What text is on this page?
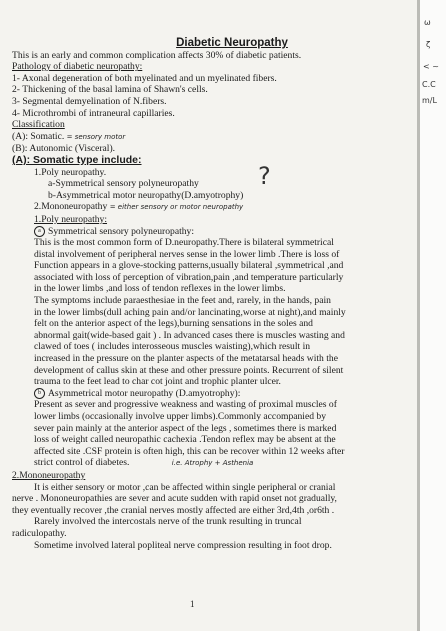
Diabetic Neuropathy
This is an early and common complication affects 30% of diabetic patients.
Pathology of diabetic neuropathy:
1- Axonal degeneration of both myelinated and un myelinated fibers.
2- Thickening of the basal lamina of Shawn's cells.
3- Segmental demyelination of N.fibers.
4- Microthrombi of intraneural capillaries.
Classification
(A): Somatic. = sensory motor
(B): Autonomic (Visceral).
(A): Somatic type include:
1.Poly neuropathy.
a-Symmetrical sensory polyneuropathy
b-Asymmetrical motor neuropathy(D.amyotrophy)
2.Mononeuropathy = either sensory or motor neuropathy
1.Poly neuropathy:
a Symmetrical sensory polyneuropathy:
This is the most common form of D.neuropathy.There is bilateral symmetrical
distal involvement of peripheral nerves sense in the lower limb .There is loss of
Function appears in a glove-stocking patterns,usually bilateral ,symmetrical ,and
associated with loss of perception of vibration,pain ,and temperature particularly
in the lower limbs ,and loss of tendon reflexes in the lower limbs.
The symptoms include paraesthesiae in the feet and, rarely, in the hands, pain
in the lower limbs(dull aching pain and/or lancinating,worse at night),and mainly
felt on the anterior aspect of the legs),burning sensations in the soles and
abnormal gait(wide-based gait ) . In advanced cases there is muscles wasting and
clawed of toes ( includes interosseous muscles waisting),which result in
increased in the pressure on the planter aspects of the metatarsal heads with the
development of callus skin at these and other pressure points. Recurrent of silent
trauma to the feet lead to char cot joint and trophic planter ulcer.
b Asymmetrical motor neuropathy (D.amyotrophy):
Present as sever and progressive weakness and wasting of proximal muscles of
lower limbs (occasionally involve upper limbs).Commonly accompanied by
sever pain mainly at the anterior aspect of the legs , sometimes there is marked
loss of weight called neuropathic cachexia .Tendon reflex may be absent at the
affected site .CSF protein is often high, this can be recover within 12 weeks after
strict control of diabetes.	i.e. Atrophy + Asthenia
2.Mononeuropathy
It is either sensory or motor ,can be affected within single peripheral or cranial
nerve . Mononeuropathies are sever and acute sudden with rapid onset not gradually,
they eventually recover ,the cranial nerves mostly affected are either 3rd,4th ,or6th .
Rarely involved the intercostals nerve of the trunk resulting in truncal
radiculopathy.
Sometime involved lateral popliteal nerve compression resulting in foot drop.
?
1
ω
ζ
< ~
C.C
m/L
